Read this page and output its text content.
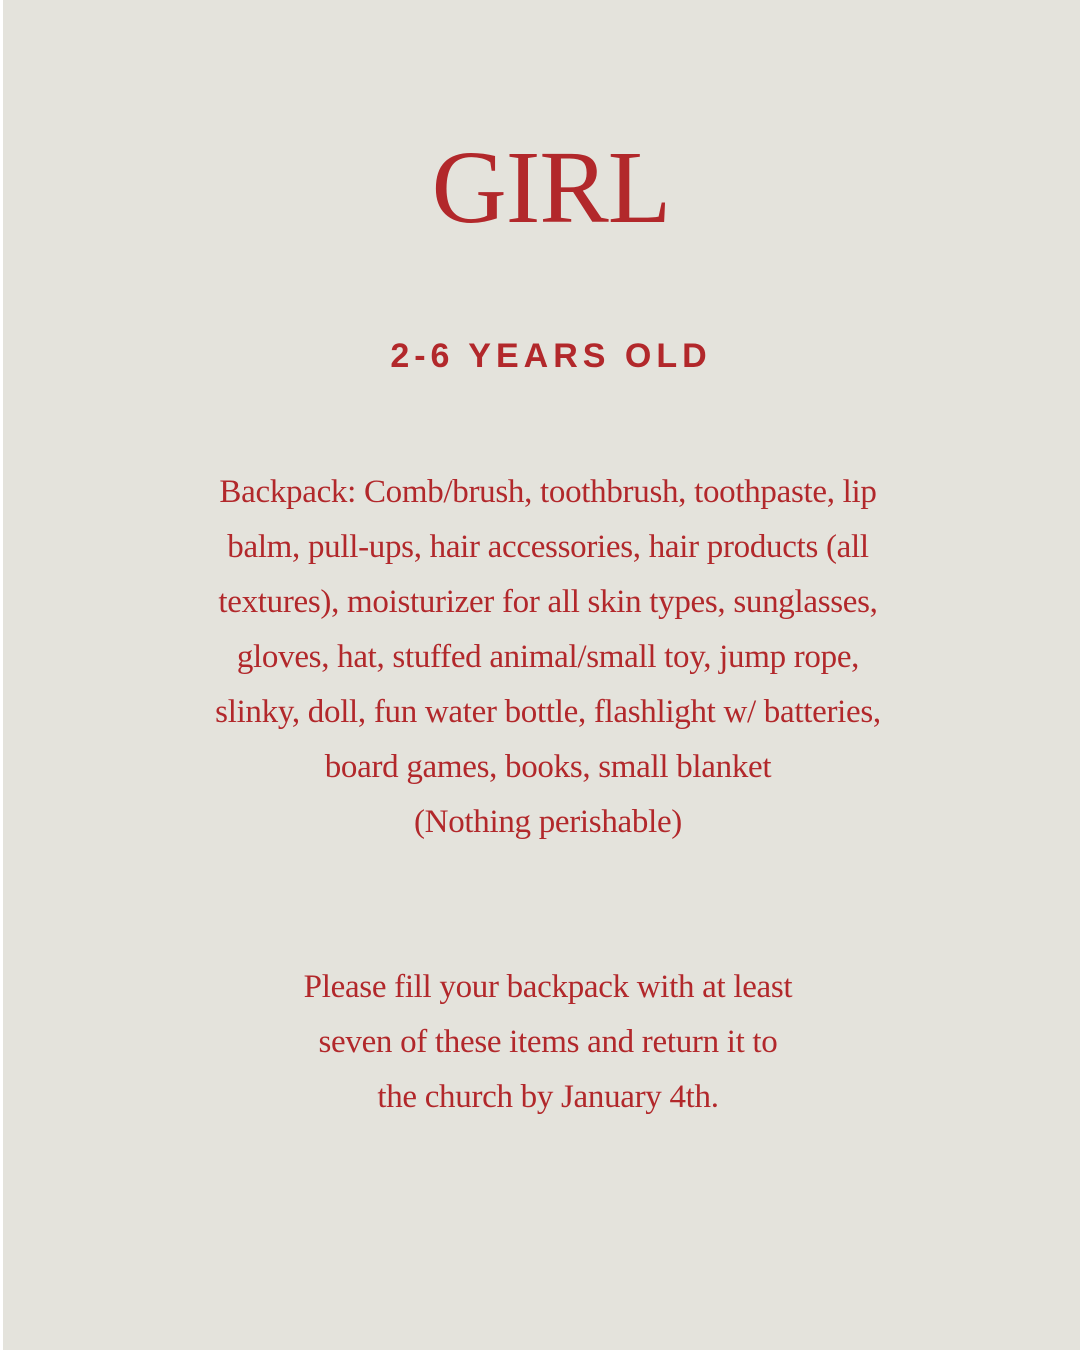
GIRL
2-6 YEARS OLD

Backpack: Comb/brush, toothbrush, toothpaste, lip
balm, pull-ups, hair accessories, hair products (all
textures), moisturizer for all skin types, sunglasses,
gloves, hat, stuffed animal/small toy, jump rope,
slinky, doll, fun water bottle, flashlight w/ batteries,
board games, books, small blanket
(Nothing perishable)

Please fill your backpack with at least
seven of these items and return it to
the church by January 4th.
